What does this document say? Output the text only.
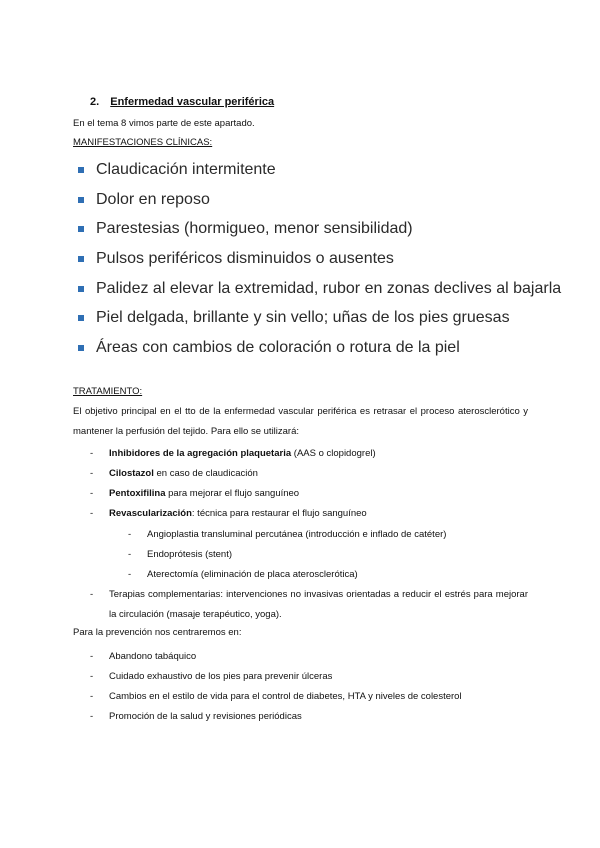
2. Enfermedad vascular periférica
En el tema 8 vimos parte de este apartado.
MANIFESTACIONES CLÍNICAS:
Claudicación intermitente
Dolor en reposo
Parestesias (hormigueo, menor sensibilidad)
Pulsos periféricos disminuidos o ausentes
Palidez al elevar la extremidad, rubor en zonas declives al bajarla
Piel delgada, brillante y sin vello; uñas de los pies gruesas
Áreas con cambios de coloración o rotura de la piel
TRATAMIENTO:
El objetivo principal en el tto de la enfermedad vascular periférica es retrasar el proceso aterosclerótico y mantener la perfusión del tejido. Para ello se utilizará:
- Inhibidores de la agregación plaquetaria (AAS o clopidogrel)
- Cilostazol en caso de claudicación
- Pentoxifilina para mejorar el flujo sanguíneo
- Revascularización: técnica para restaurar el flujo sanguíneo
- Angioplastia transluminal percutánea (introducción e inflado de catéter)
- Endoprótesis (stent)
- Aterectomía (eliminación de placa aterosclerótica)
- Terapias complementarias: intervenciones no invasivas orientadas a reducir el estrés para mejorar la circulación (masaje terapéutico, yoga).
Para la prevención nos centraremos en:
- Abandono tabáquico
- Cuidado exhaustivo de los pies para prevenir úlceras
- Cambios en el estilo de vida para el control de diabetes, HTA y niveles de colesterol
- Promoción de la salud y revisiones periódicas
